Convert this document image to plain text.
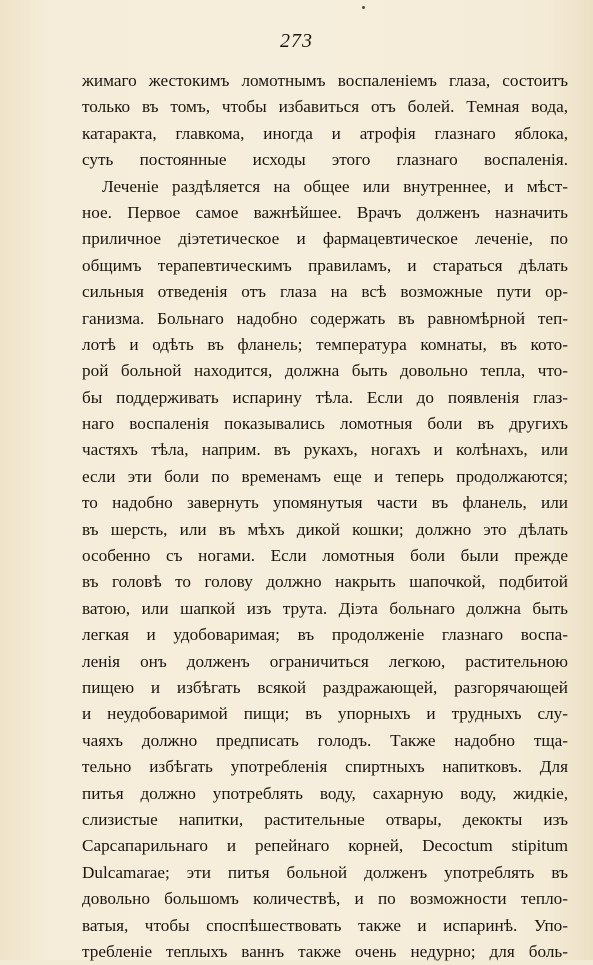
273
жимаго жестокимъ ломотнымъ воспаленіемъ глаза, состоитъ
только въ томъ, чтобы избавиться отъ болей. Темная вода,
катаракта, главкома, иногда и атрофія глазнаго яблока,
суть постоянные исходы этого глазнаго воспаленія.
Леченіе раздѣляется на общее или внутреннее, и мѣст-
ное. Первое самое важнѣйшее. Врачъ долженъ назначить
приличное діэтетическое и фармацевтическое леченіе, по
общимъ терапевтическимъ правиламъ, и стараться дѣлать
сильныя отведенія отъ глаза на всѣ возможные пути ор-
ганизма. Больнаго надобно содержать въ равномѣрной теп-
лотѣ и одѣть въ фланель; температура комнаты, въ кото-
рой больной находится, должна быть довольно тепла, что-
бы поддерживать испарину тѣла. Если до появленія глаз-
наго воспаленія показывались ломотныя боли въ другихъ
частяхъ тѣла, наприм. въ рукахъ, ногахъ и колѣнахъ, или
если эти боли по временамъ еще и теперь продолжаются;
то надобно завернуть упомянутыя части въ фланель, или
въ шерсть, или въ мѣхъ дикой кошки; должно это дѣлать
особенно съ ногами. Если ломотныя боли были прежде
въ головѣ то голову должно накрыть шапочкой, подбитой
ватою, или шапкой изъ трута. Діэта больнаго должна быть
легкая и удобоваримая; въ продолженіе глазнаго воспа-
ленія онъ долженъ ограничиться легкою, растительною
пищею и избѣгать всякой раздражающей, разгорячающей
и неудобоваримой пищи; въ упорныхъ и трудныхъ слу-
чаяхъ должно предписать голодъ. Также надобно тща-
тельно избѣгать употребленія спиртныхъ напитковъ. Для
питья должно употреблять воду, сахарную воду, жидкіе,
слизистые напитки, растительные отвары, декокты изъ
Сарсапарильнаго и репейнаго корней, Decoctum stipitum
Dulcamarae; эти питья больной долженъ употреблять въ
довольно большомъ количествѣ, и по возможности тепло-
ватыя, чтобы споспѣшествовать также и испаринѣ. Упо-
требленіе теплыхъ ваннъ также очень недурно; для боль-
